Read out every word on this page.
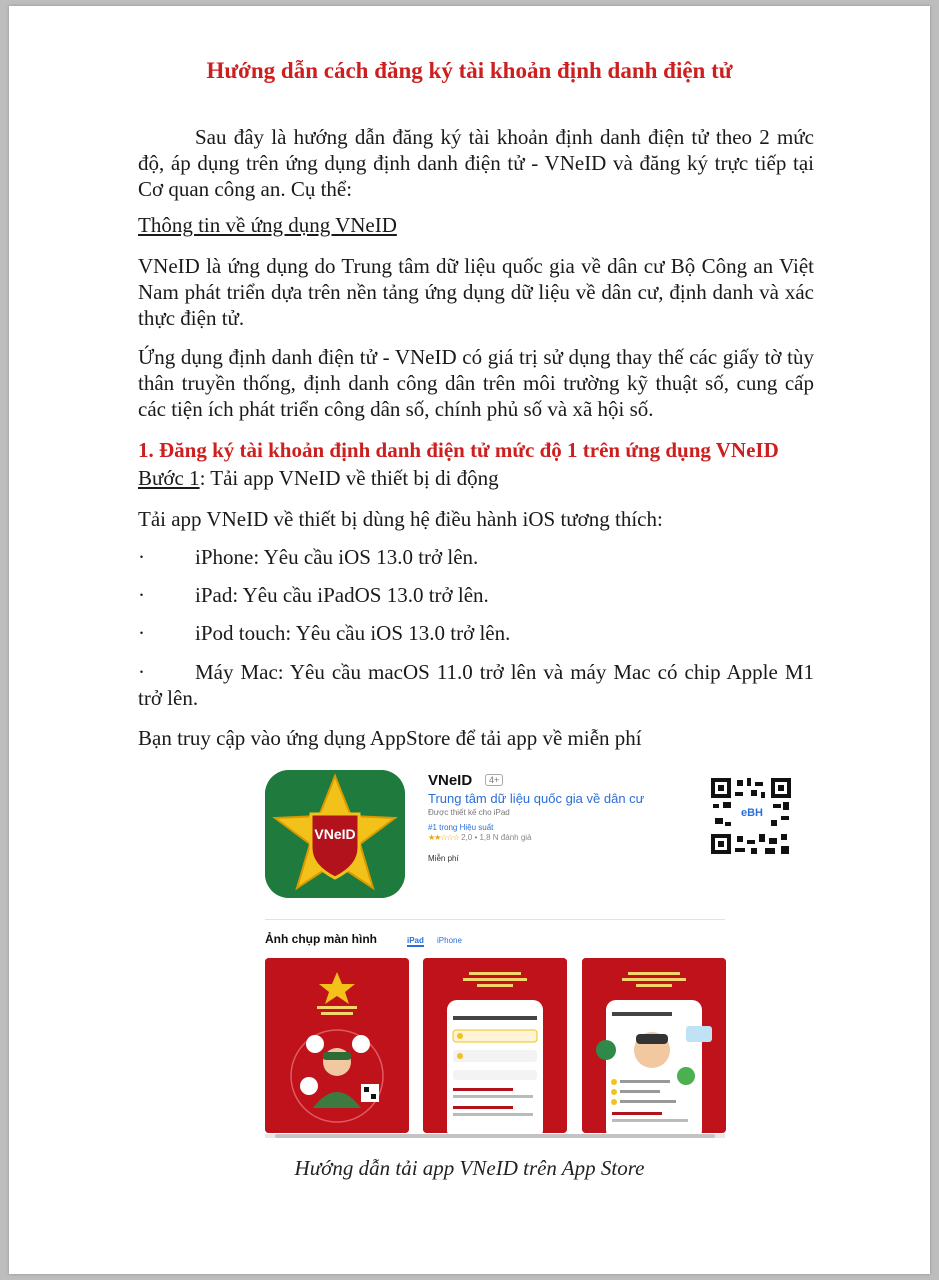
Hướng dẫn cách đăng ký tài khoản định danh điện tử

Sau đây là hướng dẫn đăng ký tài khoản định danh điện tử theo 2 mức độ, áp dụng trên ứng dụng định danh điện tử - VNeID và đăng ký trực tiếp tại Cơ quan công an. Cụ thể:

Thông tin về ứng dụng VNeID

VNeID là ứng dụng do Trung tâm dữ liệu quốc gia về dân cư Bộ Công an Việt Nam phát triển dựa trên nền tảng ứng dụng dữ liệu về dân cư, định danh và xác thực điện tử.

Ứng dụng định danh điện tử - VNeID có giá trị sử dụng thay thế các giấy tờ tùy thân truyền thống, định danh công dân trên môi trường kỹ thuật số, cung cấp các tiện ích phát triển công dân số, chính phủ số và xã hội số.

1. Đăng ký tài khoản định danh điện tử mức độ 1 trên ứng dụng VNeID

Bước 1: Tải app VNeID về thiết bị di động

Tải app VNeID về thiết bị dùng hệ điều hành iOS tương thích:

· iPhone: Yêu cầu iOS 13.0 trở lên.

· iPad: Yêu cầu iPadOS 13.0 trở lên.

· iPod touch: Yêu cầu iOS 13.0 trở lên.

· Máy Mac: Yêu cầu macOS 11.0 trở lên và máy Mac có chip Apple M1 trở lên.

Bạn truy cập vào ứng dụng AppStore để tải app về miễn phí

VNeID
VNeID	4+
Trung tâm dữ liệu quốc gia về dân cư
Được thiết kế cho iPad
#1 trong Hiệu suất
★★☆☆☆ 2,0 • 1,8 N đánh giá
Miễn phí
eBH
Ảnh chụp màn hình	iPad iPhone

Hướng dẫn tải app VNeID trên App Store
